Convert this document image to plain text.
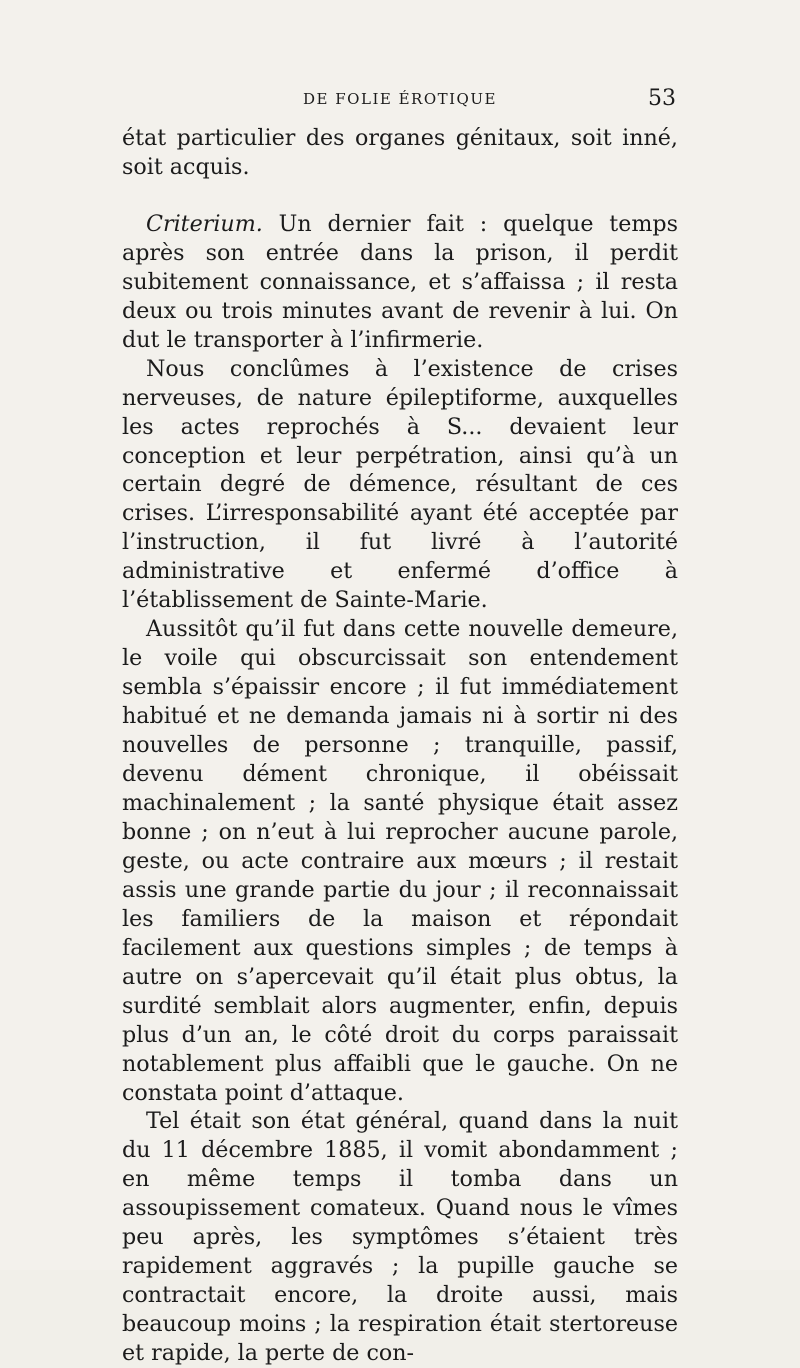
DE FOLIE ÉROTIQUE	53

état particulier des organes génitaux, soit inné, soit acquis.

Criterium. Un dernier fait : quelque temps après son entrée dans la prison, il perdit subitement connaissance, et s’affaissa ; il resta deux ou trois minutes avant de revenir à lui. On dut le transporter à l’infirmerie.

Nous conclûmes à l’existence de crises nerveuses, de nature épileptiforme, auxquelles les actes reprochés à S... devaient leur conception et leur perpétration, ainsi qu’à un certain degré de démence, résultant de ces crises. L’irresponsabilité ayant été acceptée par l’instruction, il fut livré à l’autorité administrative et enfermé d’office à l’établissement de Sainte-Marie.

Aussitôt qu’il fut dans cette nouvelle demeure, le voile qui obscurcissait son entendement sembla s’épaissir encore ; il fut immédiatement habitué et ne demanda jamais ni à sortir ni des nouvelles de personne ; tranquille, passif, devenu dément chronique, il obéissait machinalement ; la santé physique était assez bonne ; on n’eut à lui reprocher aucune parole, geste, ou acte contraire aux mœurs ; il restait assis une grande partie du jour ; il reconnaissait les familiers de la maison et répondait facilement aux questions simples ; de temps à autre on s’apercevait qu’il était plus obtus, la surdité semblait alors augmenter, enfin, depuis plus d’un an, le côté droit du corps paraissait notablement plus affaibli que le gauche. On ne constata point d’attaque.

Tel était son état général, quand dans la nuit du 11 décembre 1885, il vomit abondamment ; en même temps il tomba dans un assoupissement comateux. Quand nous le vîmes peu après, les symptômes s’étaient très rapidement aggravés ; la pupille gauche se contractait encore, la droite aussi, mais beaucoup moins ; la respiration était stertoreuse et rapide, la perte de con-
